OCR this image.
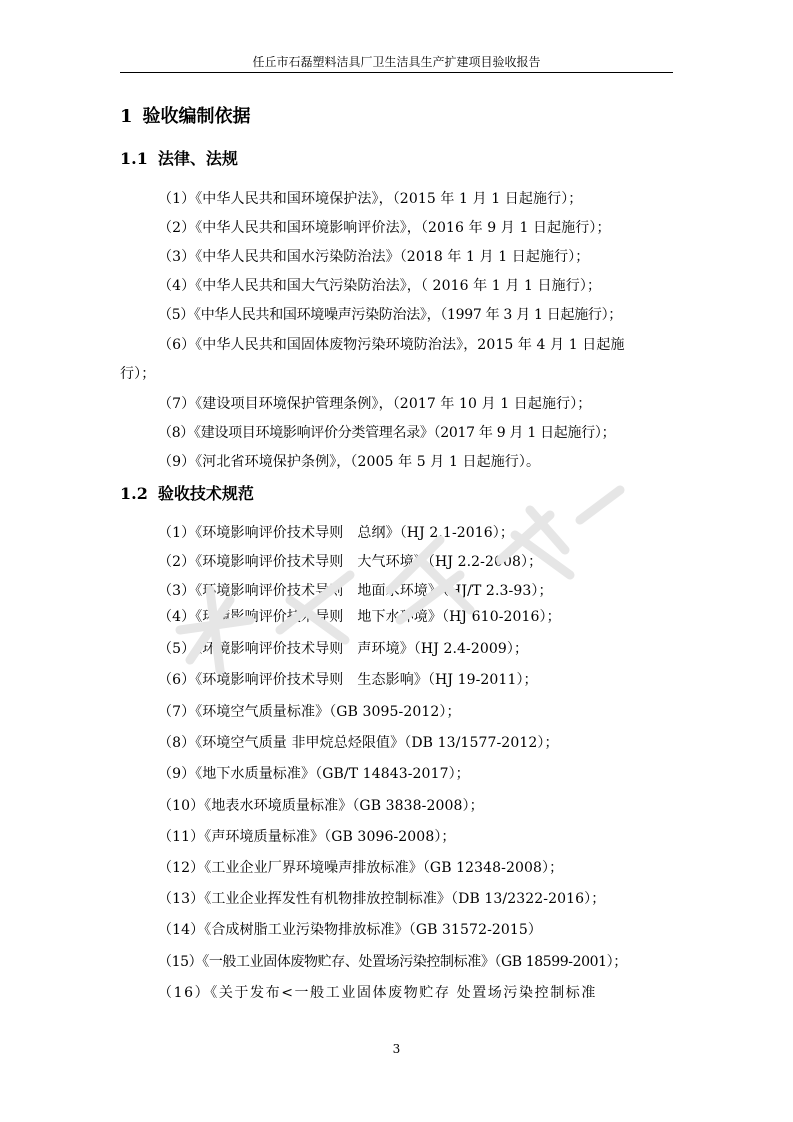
任丘市石磊塑料洁具厂卫生洁具生产扩建项目验收报告
1 验收编制依据
1.1 法律、法规
（1）《中华人民共和国环境保护法》，（2015 年 1 月 1 日起施行）；
（2）《中华人民共和国环境影响评价法》，（2016 年 9 月 1 日起施行）；
（3）《中华人民共和国水污染防治法》（2018 年 1 月 1 日起施行）；
（4）《中华人民共和国大气污染防治法》，（ 2016 年 1 月 1 日施行）；
（5）《中华人民共和国环境噪声污染防治法》，（1997 年 3 月 1 日起施行）；
（6）《中华人民共和国固体废物污染环境防治法》，2015 年 4 月 1 日起施
行）；
（7）《建设项目环境保护管理条例》，（2017 年 10 月 1 日起施行）；
（8）《建设项目环境影响评价分类管理名录》（2017 年 9 月 1 日起施行）；
（9）《河北省环境保护条例》，（2005 年 5 月 1 日起施行）。
1.2 验收技术规范
（1）《环境影响评价技术导则　总纲》（HJ 2.1-2016）；
（2）《环境影响评价技术导则　大气环境》（HJ 2.2-2008）；
（3）《环境影响评价技术导则　地面水环境》（HJ/T 2.3-93）；
（4）《环境影响评价技术导则　地下水环境》（HJ 610-2016）；
（5）《环境影响评价技术导则　声环境》（HJ 2.4-2009）；
（6）《环境影响评价技术导则　生态影响》（HJ 19-2011）；
（7）《环境空气质量标准》（GB 3095-2012）；
（8）《环境空气质量 非甲烷总烃限值》（DB 13/1577-2012）；
（9）《地下水质量标准》（GB/T 14843-2017）；
（10）《地表水环境质量标准》（GB 3838-2008）；
（11）《声环境质量标准》（GB 3096-2008）；
（12）《工业企业厂界环境噪声排放标准》（GB 12348-2008）；
（13）《工业企业挥发性有机物排放控制标准》（DB 13/2322-2016）；
（14）《合成树脂工业污染物排放标准》（GB 31572-2015）
（15）《一般工业固体废物贮存、处置场污染控制标准》（GB 18599-2001）；
（16）《关于发布<一般工业固体废物贮存 处置场污染控制标准
3
